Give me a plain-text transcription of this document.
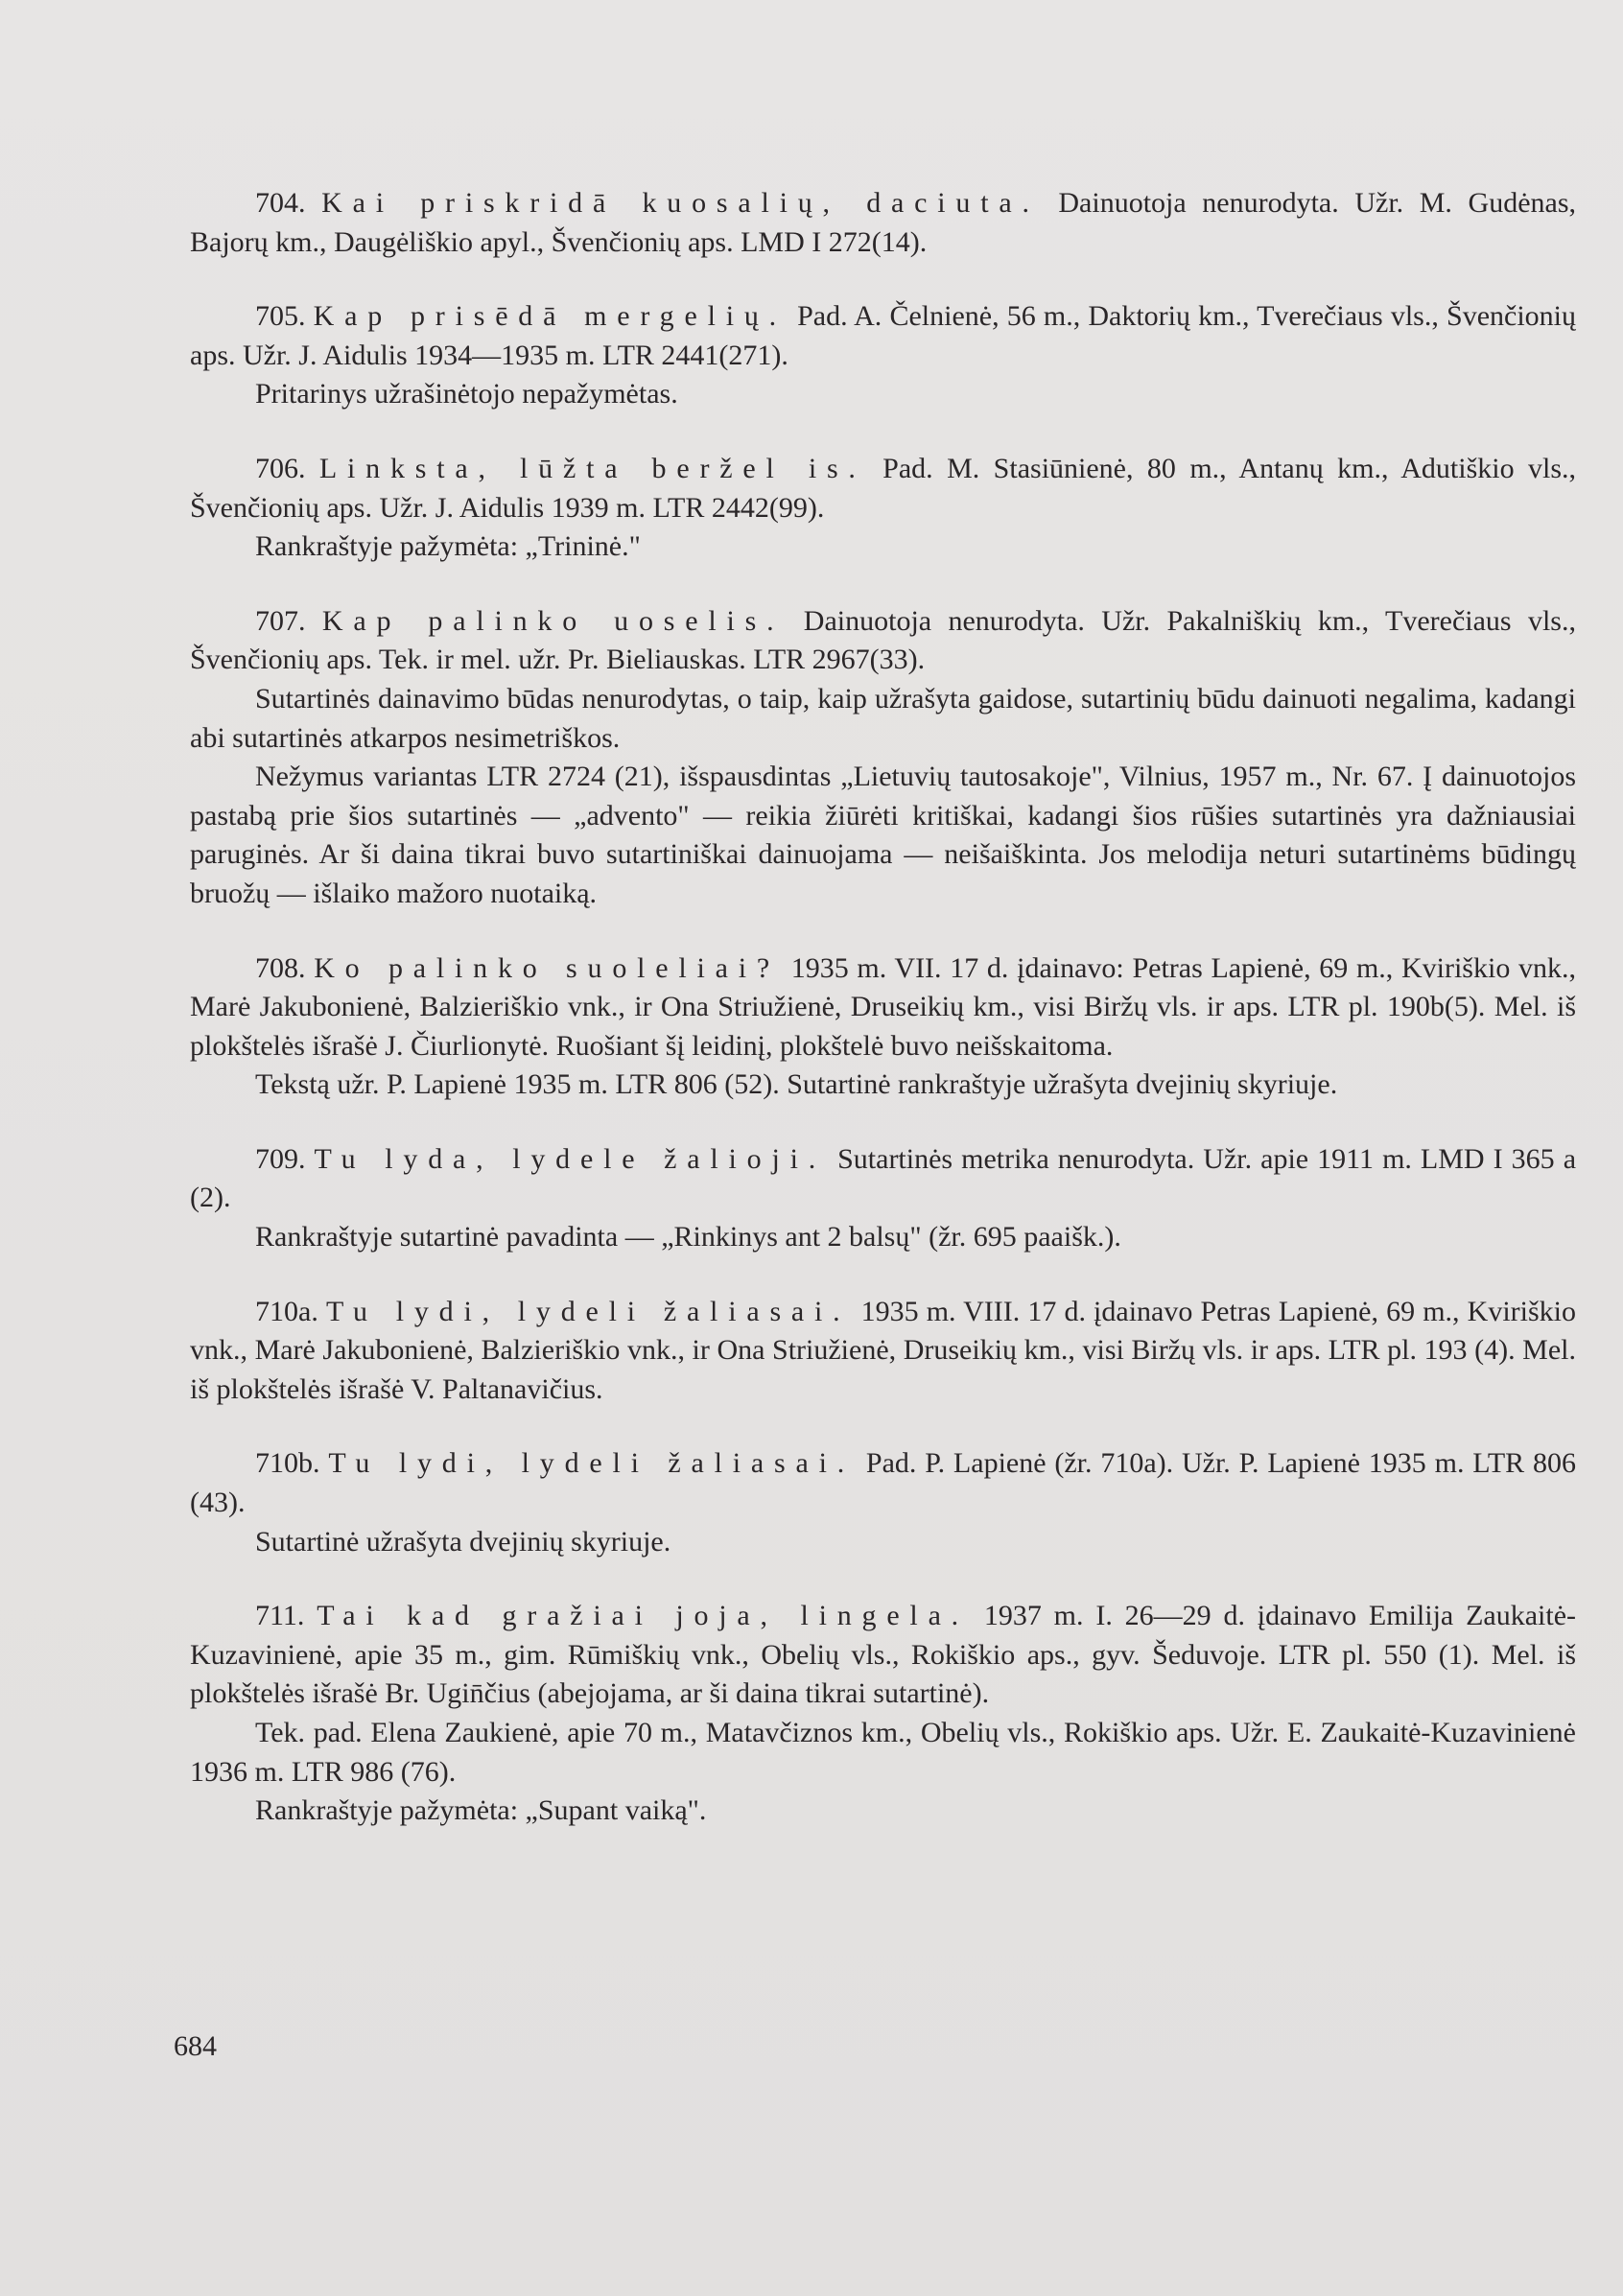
704. Kai priskridā kuosalių, daciuta. Dainuotoja nenurodyta. Užr. M. Gudėnas, Bajorų km., Daugėliškio apyl., Švenčionių aps. LMD I 272(14).

705. Kap prisēdā mergelių. Pad. A. Čelnienė, 56 m., Daktorių km., Tverečiaus vls., Švenčionių aps. Užr. J. Aidulis 1934—1935 m. LTR 2441(271).

Pritarinys užrašinėtojo nepažymėtas.

706. Linksta, lūžta beržel is. Pad. M. Stasiūnienė, 80 m., Antanų km., Adutiškio vls., Švenčionių aps. Užr. J. Aidulis 1939 m. LTR 2442(99).

Rankraštyje pažymėta: „Trininė."

707. Kap palinko uoselis. Dainuotoja nenurodyta. Užr. Pakalniškių km., Tverečiaus vls., Švenčionių aps. Tek. ir mel. užr. Pr. Bieliauskas. LTR 2967(33).

Sutartinės dainavimo būdas nenurodytas, o taip, kaip užrašyta gaidose, sutartinių būdu dainuoti negalima, kadangi abi sutartinės atkarpos nesimetriškos.

Nežymus variantas LTR 2724 (21), išspausdintas „Lietuvių tautosakoje", Vilnius, 1957 m., Nr. 67. Į dainuotojos pastabą prie šios sutartinės — „advento" — reikia žiūrėti kritiškai, kadangi šios rūšies sutartinės yra dažniausiai paruginės. Ar ši daina tikrai buvo sutartiniškai dainuojama — neišaiškinta. Jos melodija neturi sutartinėms būdingų bruožų — išlaiko mažoro nuotaiką.

708. Ko palinko suoleliai? 1935 m. VII. 17 d. įdainavo: Petras Lapienė, 69 m., Kviriškio vnk., Marė Jakubonienė, Balzieriškio vnk., ir Ona Striužienė, Druseikių km., visi Biržų vls. ir aps. LTR pl. 190b(5). Mel. iš plokštelės išrašė J. Čiurlionytė. Ruošiant šį leidinį, plokštelė buvo neišskaitoma.

Tekstą užr. P. Lapienė 1935 m. LTR 806 (52). Sutartinė rankraštyje užrašyta dvejinių skyriuje.

709. Tu lyda, lydele žalioji. Sutartinės metrika nenurodyta. Užr. apie 1911 m. LMD I 365 a (2).

Rankraštyje sutartinė pavadinta — „Rinkinys ant 2 balsų" (žr. 695 paaišk.).

710a. Tu lydi, lydeli žaliasai. 1935 m. VIII. 17 d. įdainavo Petras Lapienė, 69 m., Kviriškio vnk., Marė Jakubonienė, Balzieriškio vnk., ir Ona Striužienė, Druseikių km., visi Biržų vls. ir aps. LTR pl. 193 (4). Mel. iš plokštelės išrašė V. Paltanavičius.

710b. Tu lydi, lydeli žaliasai. Pad. P. Lapienė (žr. 710a). Užr. P. Lapienė 1935 m. LTR 806 (43).

Sutartinė užrašyta dvejinių skyriuje.

711. Tai kad gražiai joja, lingela. 1937 m. I. 26—29 d. įdainavo Emilija Zaukaitė-Kuzavinienė, apie 35 m., gim. Rūmiškių vnk., Obelių vls., Rokiškio aps., gyv. Šeduvoje. LTR pl. 550 (1). Mel. iš plokštelės išrašė Br. Ugin̄čius (abejojama, ar ši daina tikrai sutartinė).

Tek. pad. Elena Zaukienė, apie 70 m., Matavčiznos km., Obelių vls., Rokiškio aps. Užr. E. Zaukaitė-Kuzavinienė 1936 m. LTR 986 (76).

Rankraštyje pažymėta: „Supant vaiką".

684
